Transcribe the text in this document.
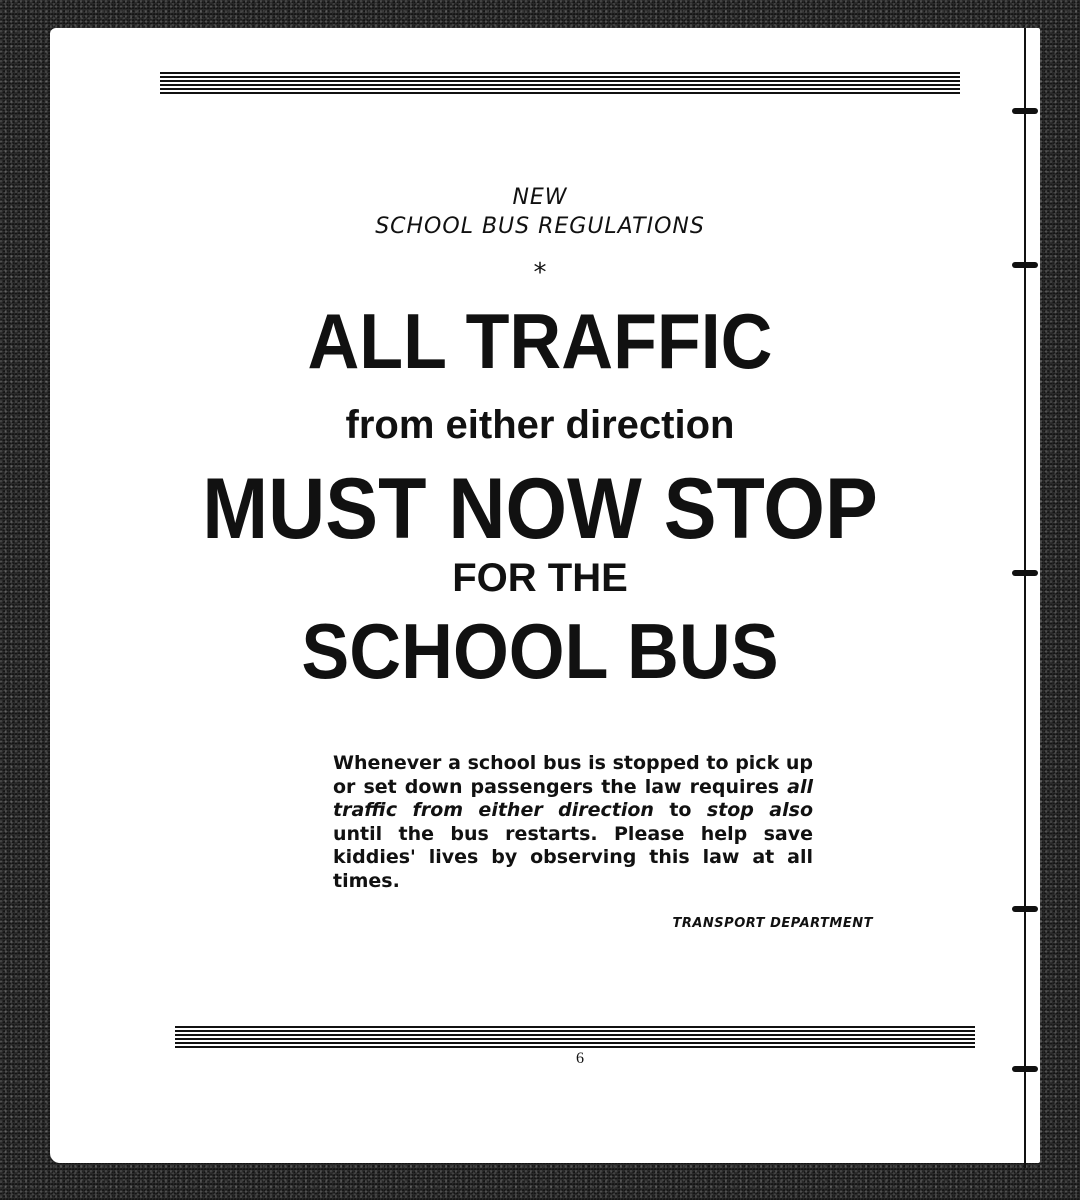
NEW
SCHOOL BUS REGULATIONS
*
ALL TRAFFIC
from either direction
MUST NOW STOP
FOR THE
SCHOOL BUS
Whenever a school bus is stopped to pick up or set down passengers the law requires all traffic from either direction to stop also until the bus restarts. Please help save kiddies' lives by observing this law at all times.
TRANSPORT DEPARTMENT
6
